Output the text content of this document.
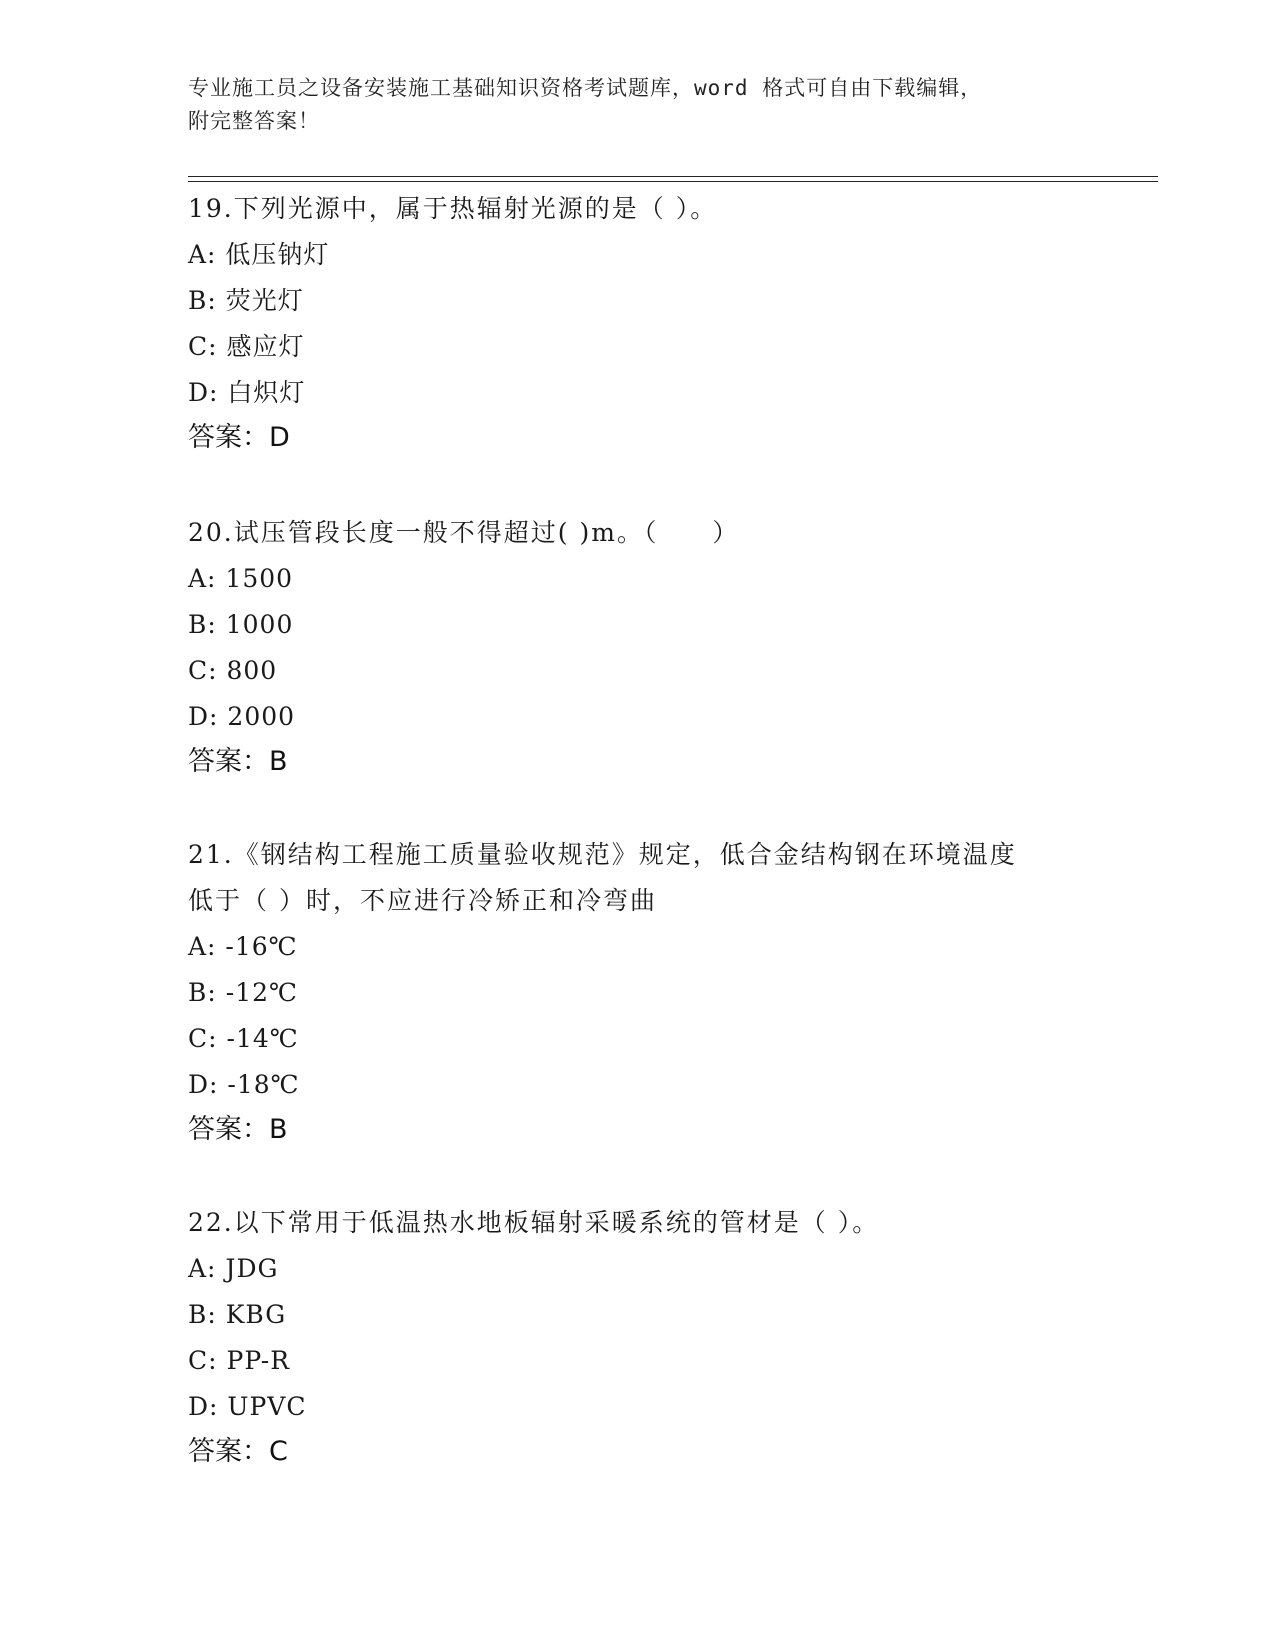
专业施工员之设备安装施工基础知识资格考试题库，word 格式可自由下载编辑，
附完整答案！
19.下列光源中，属于热辐射光源的是（ ）。
A: 低压钠灯
B: 荧光灯
C: 感应灯
D: 白炽灯
答案：D
20.试压管段长度一般不得超过( )m。（　　）
A: 1500
B: 1000
C: 800
D: 2000
答案：B
21.《钢结构工程施工质量验收规范》规定，低合金结构钢在环境温度
低于（ ）时，不应进行冷矫正和冷弯曲
A: -16℃
B: -12℃
C: -14℃
D: -18℃
答案：B
22.以下常用于低温热水地板辐射采暖系统的管材是（ ）。
A: JDG
B: KBG
C: PP-R
D: UPVC
答案：C
